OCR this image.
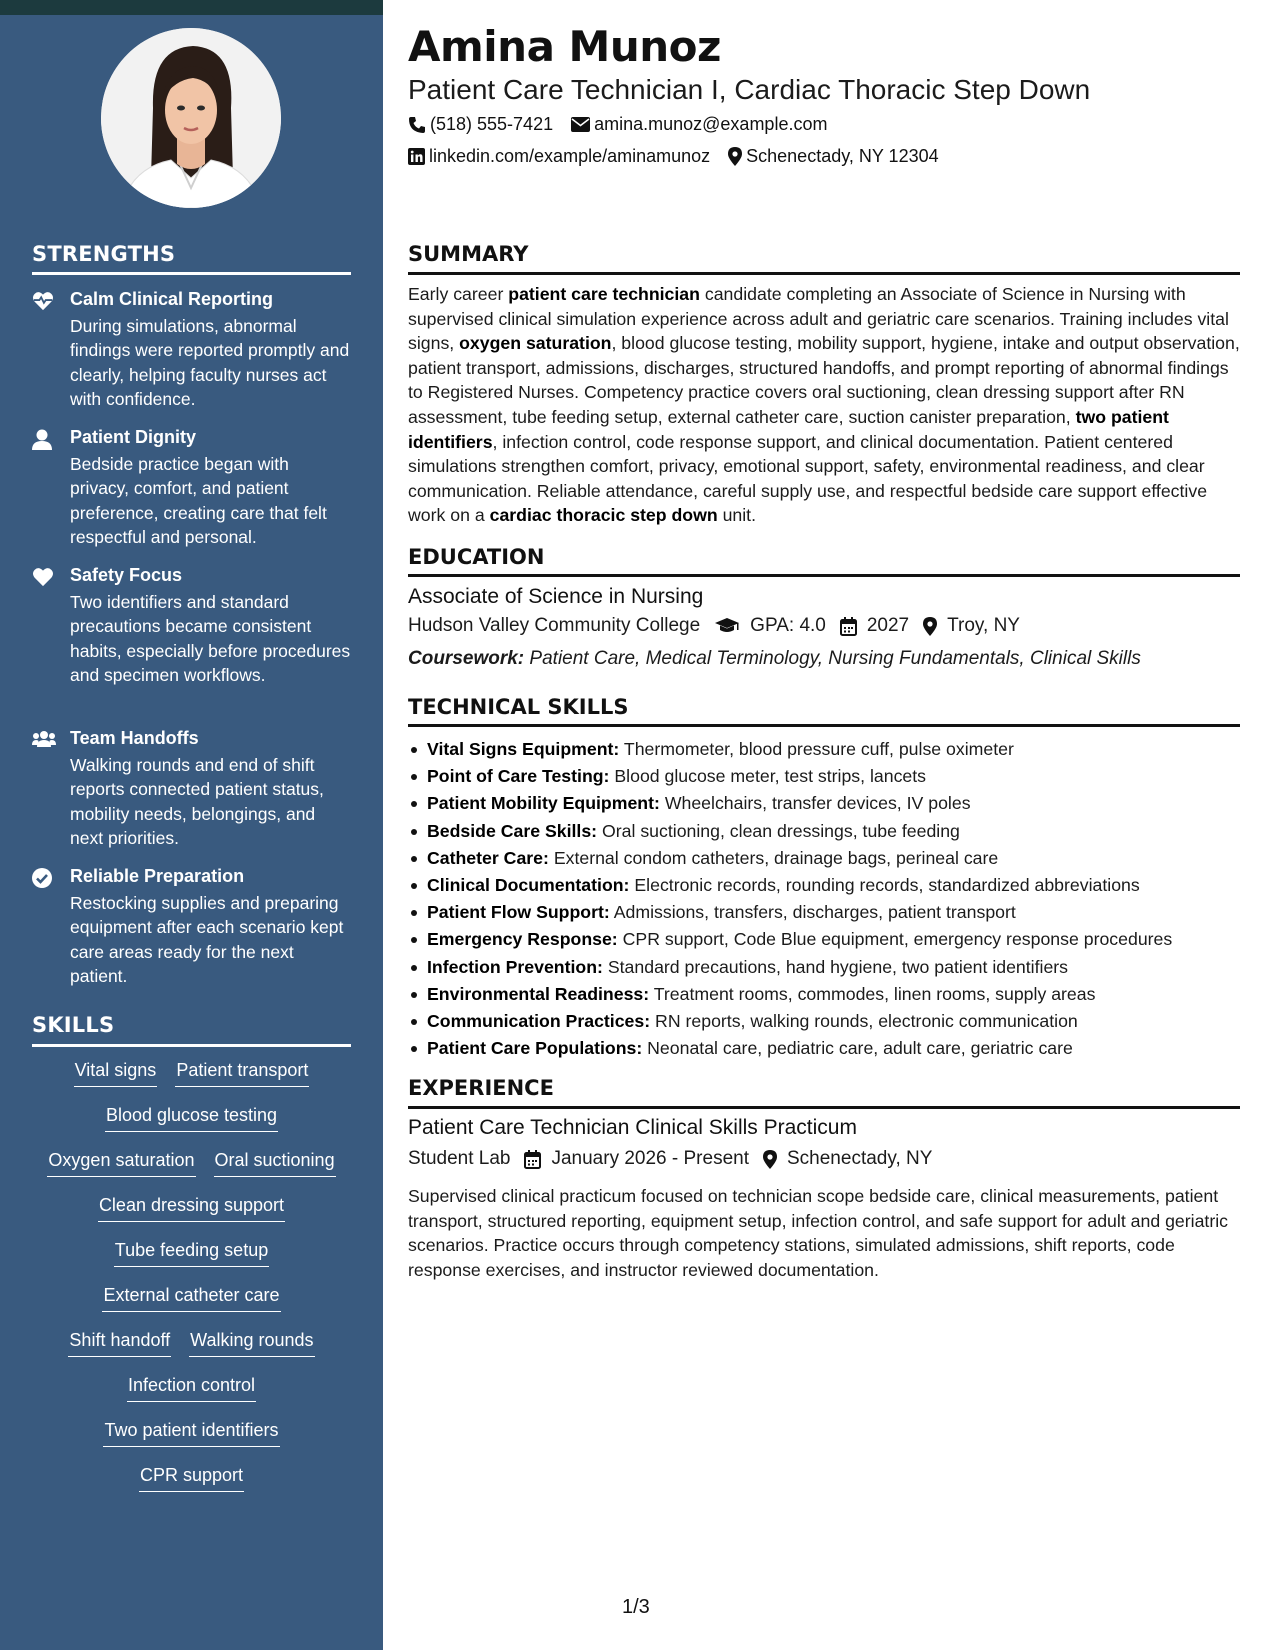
STRENGTHS
Calm Clinical Reporting
During simulations, abnormal findings were reported promptly and clearly, helping faculty nurses act with confidence.
Patient Dignity
Bedside practice began with privacy, comfort, and patient preference, creating care that felt respectful and personal.
Safety Focus
Two identifiers and standard precautions became consistent habits, especially before procedures and specimen workflows.
Team Handoffs
Walking rounds and end of shift reports connected patient status, mobility needs, belongings, and next priorities.
Reliable Preparation
Restocking supplies and preparing equipment after each scenario kept care areas ready for the next patient.
SKILLS
Vital signs Patient transport
Blood glucose testing
Oxygen saturation Oral suctioning
Clean dressing support
Tube feeding setup
External catheter care
Shift handoff Walking rounds
Infection control
Two patient identifiers
CPR support
Amina Munoz
Patient Care Technician I, Cardiac Thoracic Step Down
(518) 555-7421 amina.munoz@example.com
linkedin.com/example/aminamunoz Schenectady, NY 12304
SUMMARY
Early career patient care technician candidate completing an Associate of Science in Nursing with supervised clinical simulation experience across adult and geriatric care scenarios. Training includes vital signs, oxygen saturation, blood glucose testing, mobility support, hygiene, intake and output observation, patient transport, admissions, discharges, structured handoffs, and prompt reporting of abnormal findings to Registered Nurses. Competency practice covers oral suctioning, clean dressing support after RN assessment, tube feeding setup, external catheter care, suction canister preparation, two patient identifiers, infection control, code response support, and clinical documentation. Patient centered simulations strengthen comfort, privacy, emotional support, safety, environmental readiness, and clear communication. Reliable attendance, careful supply use, and respectful bedside care support effective work on a cardiac thoracic step down unit.
EDUCATION
Associate of Science in Nursing
Hudson Valley Community College	GPA: 4.0 2027 Troy, NY
Coursework: Patient Care, Medical Terminology, Nursing Fundamentals, Clinical Skills
TECHNICAL SKILLS
Vital Signs Equipment: Thermometer, blood pressure cuff, pulse oximeter
Point of Care Testing: Blood glucose meter, test strips, lancets
Patient Mobility Equipment: Wheelchairs, transfer devices, IV poles
Bedside Care Skills: Oral suctioning, clean dressings, tube feeding
Catheter Care: External condom catheters, drainage bags, perineal care
Clinical Documentation: Electronic records, rounding records, standardized abbreviations
Patient Flow Support: Admissions, transfers, discharges, patient transport
Emergency Response: CPR support, Code Blue equipment, emergency response procedures
Infection Prevention: Standard precautions, hand hygiene, two patient identifiers
Environmental Readiness: Treatment rooms, commodes, linen rooms, supply areas
Communication Practices: RN reports, walking rounds, electronic communication
Patient Care Populations: Neonatal care, pediatric care, adult care, geriatric care
EXPERIENCE
Patient Care Technician Clinical Skills Practicum
Student Lab January 2026 - Present Schenectady, NY
Supervised clinical practicum focused on technician scope bedside care, clinical measurements, patient transport, structured reporting, equipment setup, infection control, and safe support for adult and geriatric scenarios. Practice occurs through competency stations, simulated admissions, shift reports, code response exercises, and instructor reviewed documentation.
1/3
